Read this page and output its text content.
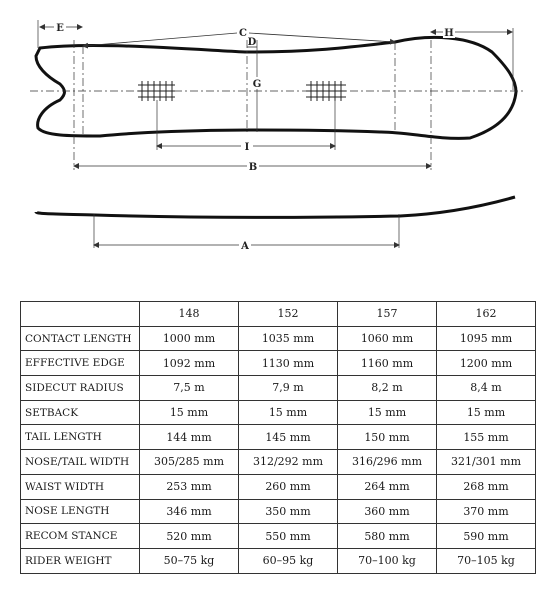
E	C
D
G
H
I
B
A
	148	152	157	162
CONTACT LENGTH	1000 mm	1035 mm	1060 mm	1095 mm
EFFECTIVE EDGE	1092 mm	1130 mm	1160 mm	1200 mm
SIDECUT RADIUS	7,5 m	7,9 m	8,2 m	8,4 m
SETBACK	15 mm	15 mm	15 mm	15 mm
TAIL LENGTH	144 mm	145 mm	150 mm	155 mm
NOSE/TAIL WIDTH	305/285 mm	312/292 mm	316/296 mm	321/301 mm
WAIST WIDTH	253 mm	260 mm	264 mm	268 mm
NOSE LENGTH	346 mm	350 mm	360 mm	370 mm
RECOM STANCE	520 mm	550 mm	580 mm	590 mm
RIDER WEIGHT	50–75 kg	60–95 kg	70–100 kg	70–105 kg
